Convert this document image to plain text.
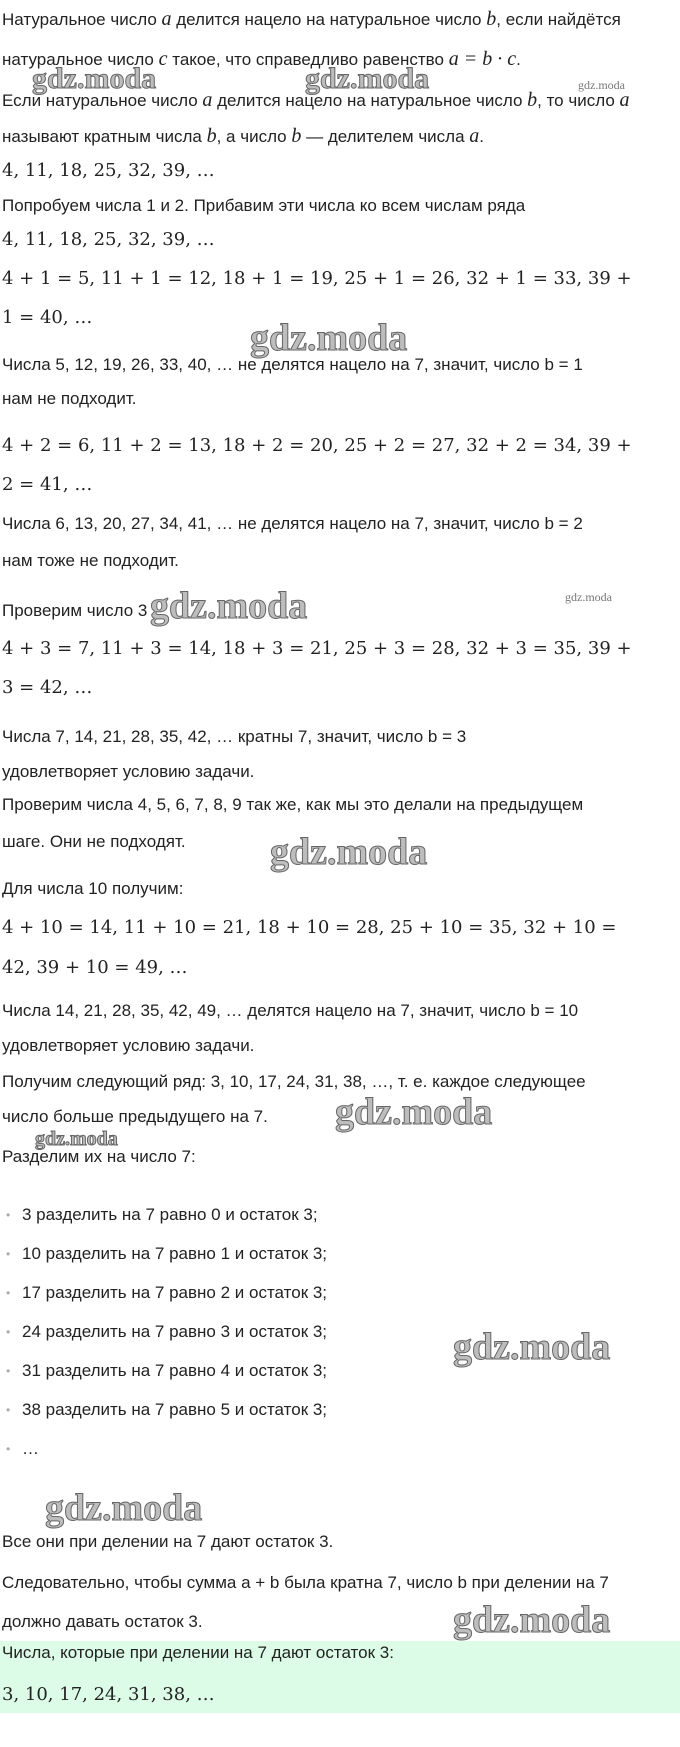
Натуральное число a делится нацело на натуральное число b, если найдётся
натуральное число c такое, что справедливо равенство a = b · c.
gdz.moda	gdz.moda	gdz.moda
Если натуральное число a делится нацело на натуральное число b, то число a
называют кратным числа b, а число b — делителем числа a.
4, 11, 18, 25, 32, 39, …
Попробуем числа 1 и 2. Прибавим эти числа ко всем числам ряда
4, 11, 18, 25, 32, 39, …
4 + 1 = 5, 11 + 1 = 12, 18 + 1 = 19, 25 + 1 = 26, 32 + 1 = 33, 39 +
1 = 40, …	gdz.moda
Числа 5, 12, 19, 26, 33, 40, … не делятся нацело на 7, значит, число b = 1
нам не подходит.
4 + 2 = 6, 11 + 2 = 13, 18 + 2 = 20, 25 + 2 = 27, 32 + 2 = 34, 39 +
2 = 41, …
Числа 6, 13, 20, 27, 34, 41, … не делятся нацело на 7, значит, число b = 2
нам тоже не подходит.
Проверим число 3 gdz.moda	gdz.moda
4 + 3 = 7, 11 + 3 = 14, 18 + 3 = 21, 25 + 3 = 28, 32 + 3 = 35, 39 +
3 = 42, …
Числа 7, 14, 21, 28, 35, 42, … кратны 7, значит, число b = 3
удовлетворяет условию задачи.
Проверим числа 4, 5, 6, 7, 8, 9 так же, как мы это делали на предыдущем
шаге. Они не подходят. gdz.moda
Для числа 10 получим:
4 + 10 = 14, 11 + 10 = 21, 18 + 10 = 28, 25 + 10 = 35, 32 + 10 =
42, 39 + 10 = 49, …
Числа 14, 21, 28, 35, 42, 49, … делятся нацело на 7, значит, число b = 10
удовлетворяет условию задачи.
Получим следующий ряд: 3, 10, 17, 24, 31, 38, …, т. е. каждое следующее
число больше предыдущего на 7. gdz.moda
gdz.moda
Разделим их на число 7:
• 3 разделить на 7 равно 0 и остаток 3;
• 10 разделить на 7 равно 1 и остаток 3;
• 17 разделить на 7 равно 2 и остаток 3;
• 24 разделить на 7 равно 3 и остаток 3;
• 31 разделить на 7 равно 4 и остаток 3;
• 38 разделить на 7 равно 5 и остаток 3;
• …
gdz.moda
gdz.moda
Все они при делении на 7 дают остаток 3.
Следовательно, чтобы сумма a + b была кратна 7, число b при делении на 7
должно давать остаток 3.	gdz.moda
Числа, которые при делении на 7 дают остаток 3:
3, 10, 17, 24, 31, 38, …
